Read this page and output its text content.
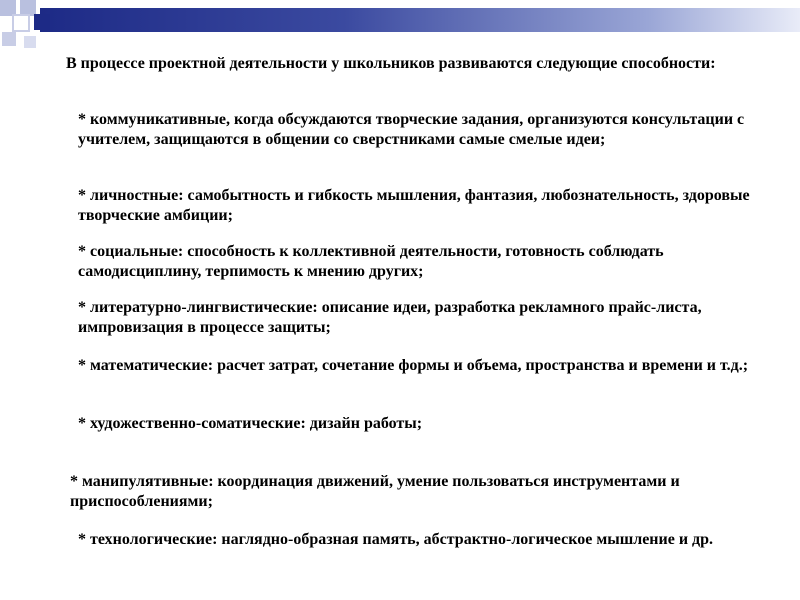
В процессе проектной деятельности у школьников развиваются следующие способности:

* коммуникативные, когда обсуждаются творческие задания, организуются консультации с учителем, защищаются в общении со сверстниками самые смелые идеи;

* личностные: самобытность и гибкость мышления, фантазия, любознательность, здоровые творческие амбиции;

* социальные: способность к коллективной деятельности, готовность соблюдать самодисциплину, терпимость к мнению других;

* литературно-лингвистические: описание идеи, разработка рекламного прайс-листа, импровизация в процессе защиты;

* математические: расчет затрат, сочетание формы и объема, пространства и времени и т.д.;

* художественно-соматические: дизайн работы;

* манипулятивные: координация движений, умение пользоваться инструментами и приспособлениями;

* технологические: наглядно-образная память, абстрактно-логическое мышление и др.
